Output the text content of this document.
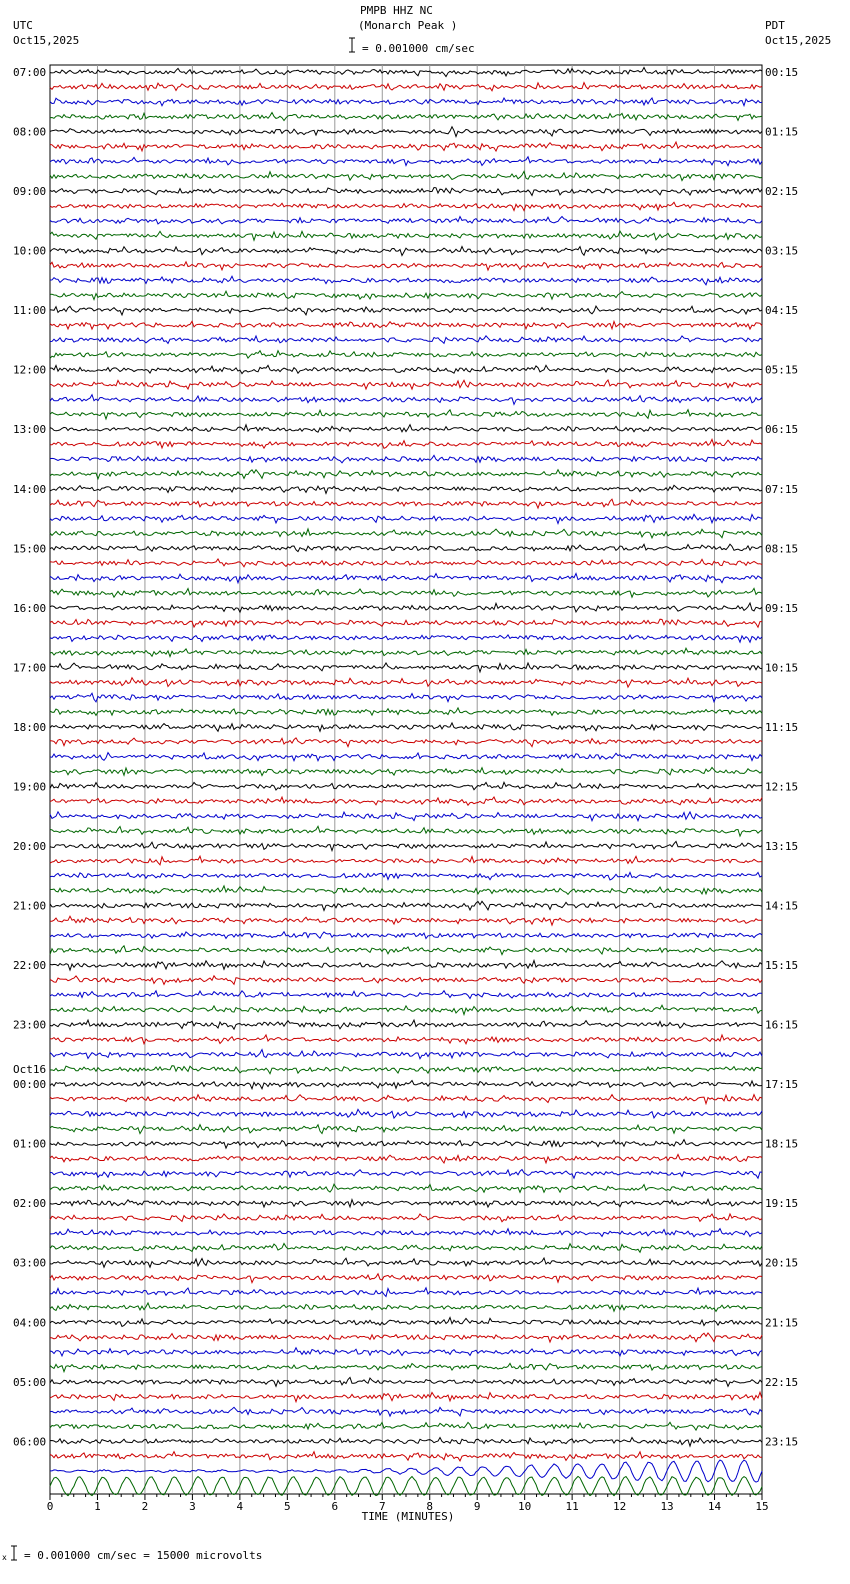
PMPB HHZ NC
(Monarch Peak )
UTC
Oct15,2025
PDT
Oct15,2025
= 0.001000 cm/sec
07:00
08:00
09:00
10:00
11:00
12:00
13:00
14:00
15:00
16:00
17:00
18:00
19:00
20:00
21:00
22:00
23:00
Oct16
00:00
01:00
02:00
03:00
04:00
05:00
06:00
00:15
01:15
02:15
03:15
04:15
05:15
06:15
07:15
08:15
09:15
10:15
11:15
12:15
13:15
14:15
15:15
16:15
17:15
18:15
19:15
20:15
21:15
22:15
23:15
0	1	2	3	4	5	6	7	8	9	10	11	12	13	14	15
TIME (MINUTES)
x = 0.001000 cm/sec = 15000 microvolts
